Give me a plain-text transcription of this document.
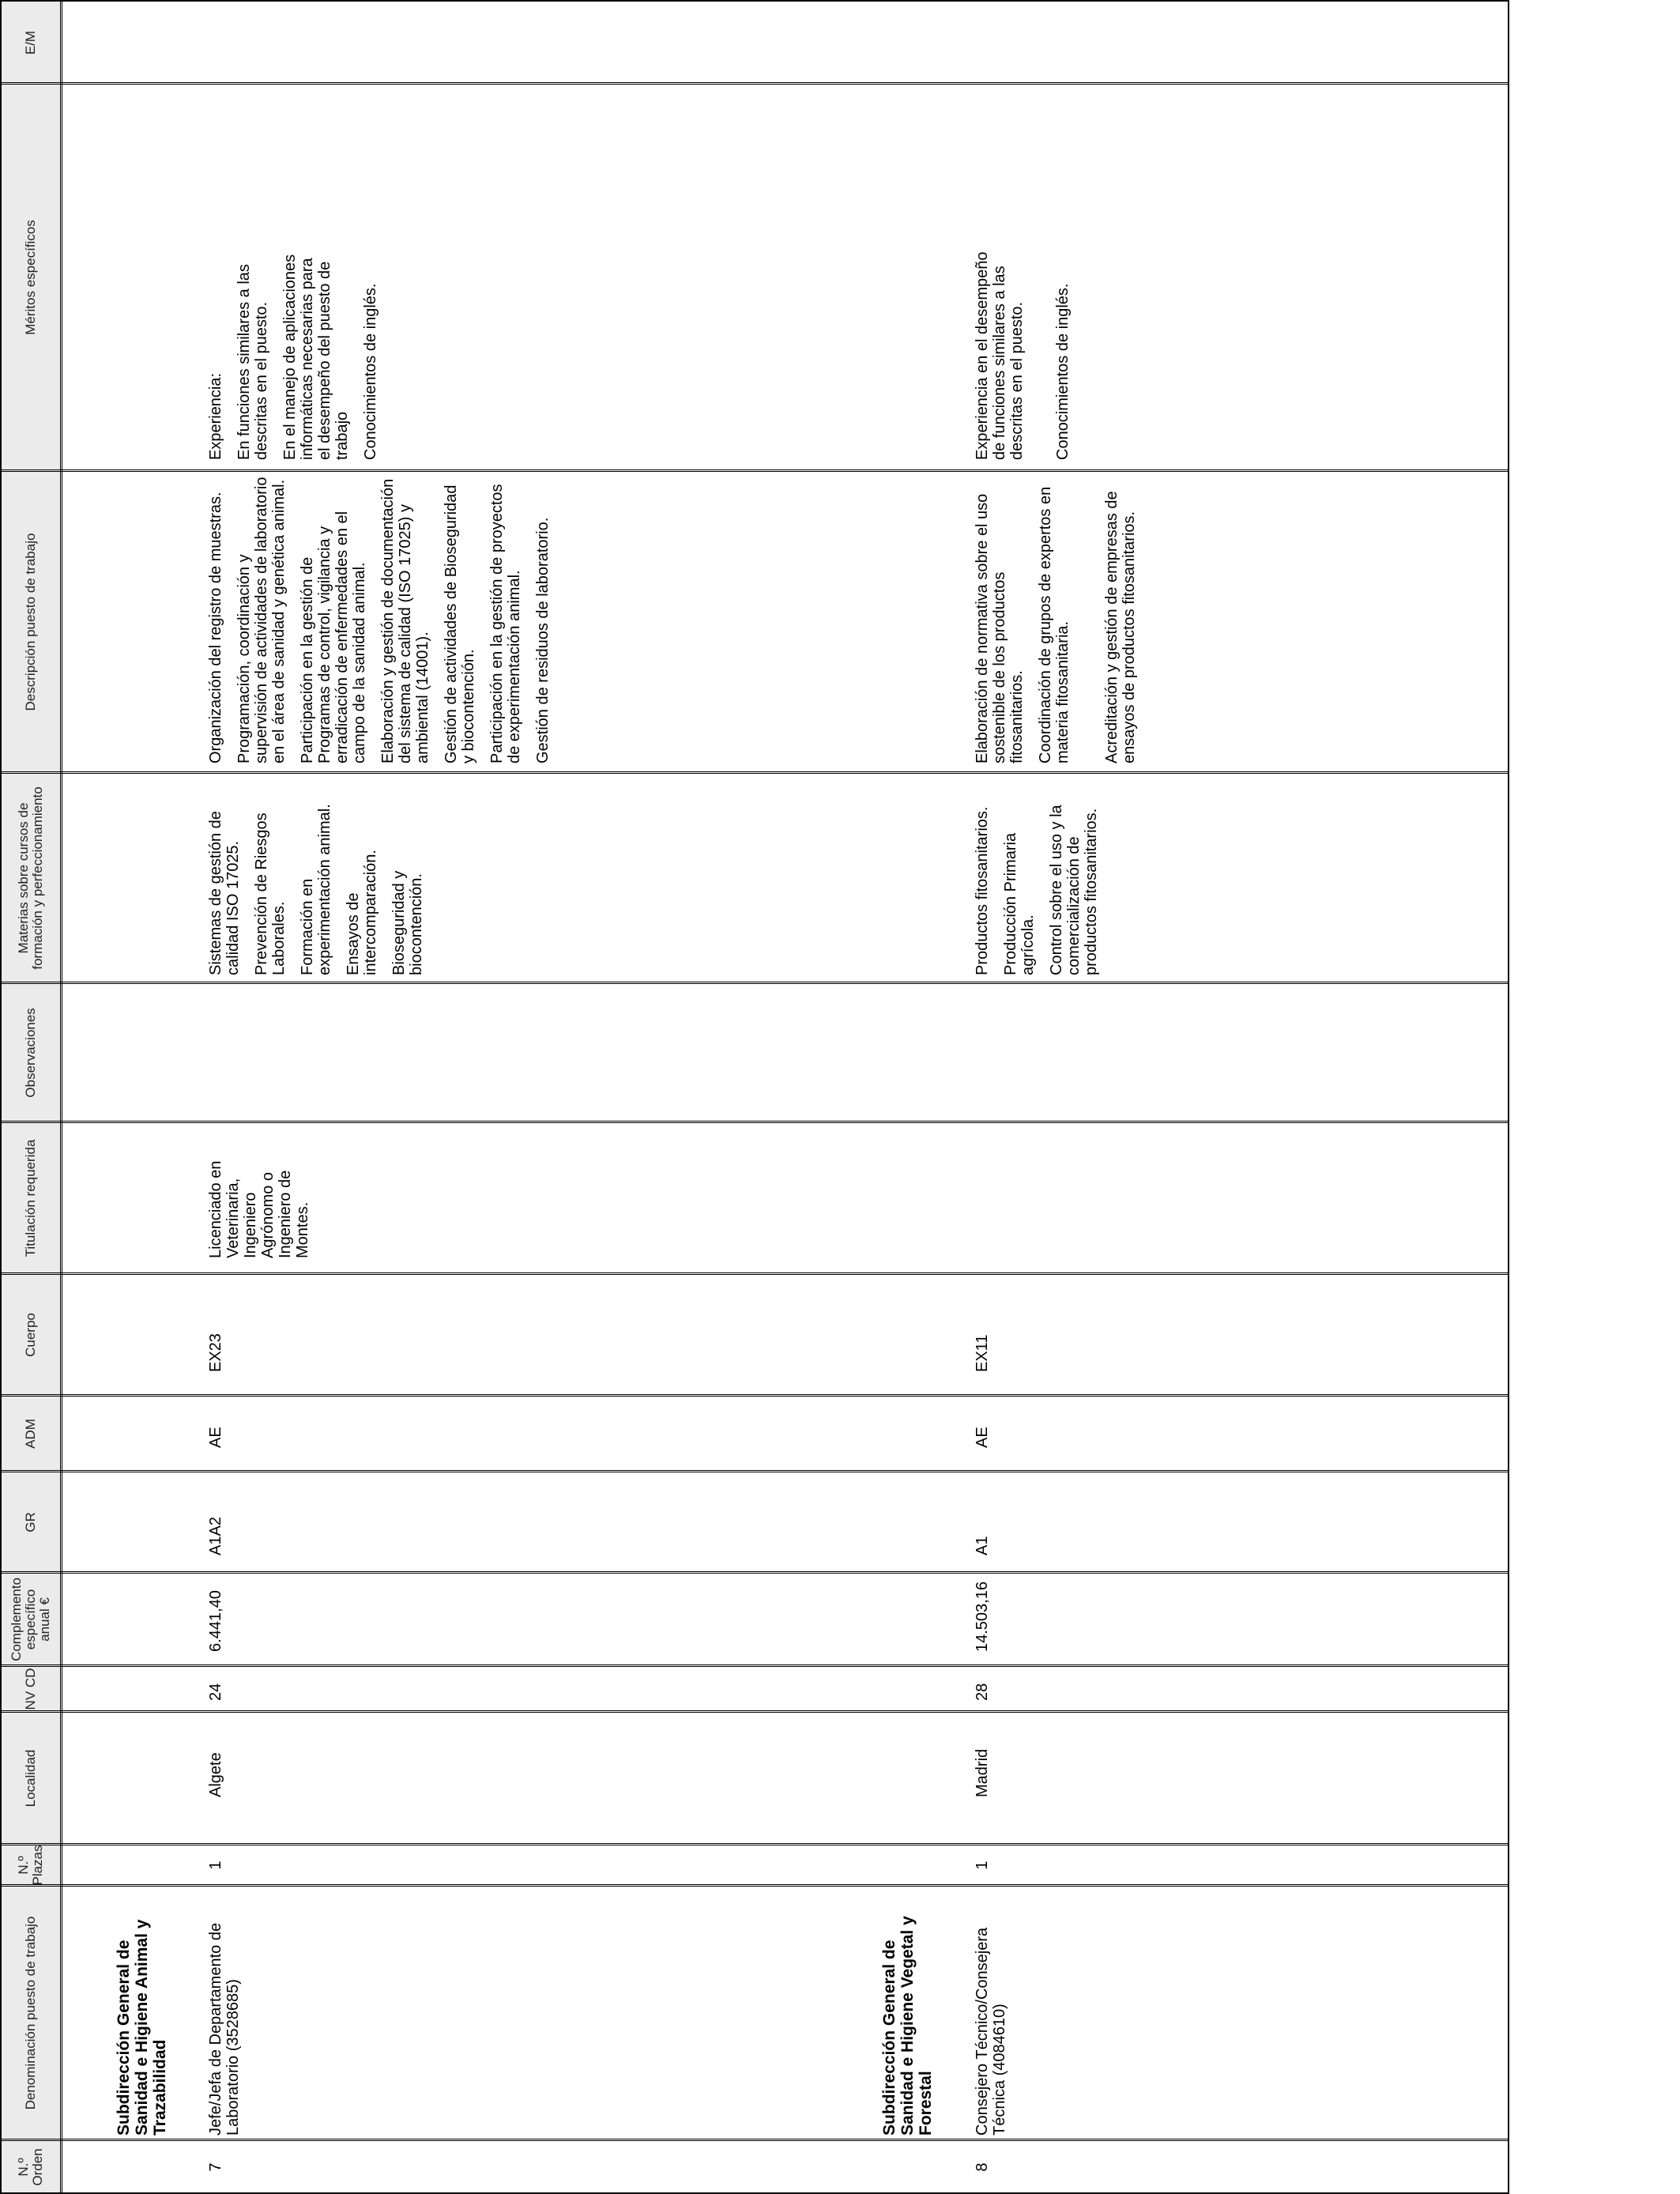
N.º Orden
Denominación puesto de trabajo
N.º Plazas
Localidad
NV CD
Complemento específico anual €
GR
ADM
Cuerpo
Titulación requerida
Observaciones
Materias sobre cursos de formación y perfeccionamiento
Descripción puesto de trabajo
Méritos específicos
E/M
Subdirección General de Sanidad e Higiene Animal y Trazabilidad
7
Jefe/Jefa de Departamento de Laboratorio (3528685)
1
Algete
24
6.441,40
A1A2
AE
EX23
Licenciado en Veterinaria, Ingeniero Agrónomo o Ingeniero de Montes.

Sistemas de gestión de calidad ISO 17025. Prevención de Riesgos Laborales. Formación en experimentación animal. Ensayos de intercomparación. Bioseguridad y biocontención.

Organización del registro de muestras. Programación, coordinación y supervisión de actividades de laboratorio en el área de sanidad y genética animal. Participación en la gestión de Programas de control, vigilancia y erradicación de enfermedades en el campo de la sanidad animal. Elaboración y gestión de documentación del sistema de calidad (ISO 17025) y ambiental (14001). Gestión de actividades de Bioseguridad y biocontención. Participación en la gestión de proyectos de experimentación animal. Gestión de residuos de laboratorio.

Experiencia: En funciones similares a las descritas en el puesto. En el manejo de aplicaciones informáticas necesarias para el desempeño del puesto de trabajo Conocimientos de inglés.

Subdirección General de Sanidad e Higiene Vegetal y Forestal
8
Consejero Técnico/Consejera Técnica (4084610)
1
Madrid
28
14.503,16
A1
AE
EX11

Productos fitosanitarios. Producción Primaria agrícola. Control sobre el uso y la comercialización de productos fitosanitarios.

Elaboración de normativa sobre el uso sostenible de los productos fitosanitarios. Coordinación de grupos de expertos en materia fitosanitaria. Acreditación y gestión de empresas de ensayos de productos fitosanitarios.

Experiencia en el desempeño de funciones similares a las descritas en el puesto. Conocimientos de inglés.
